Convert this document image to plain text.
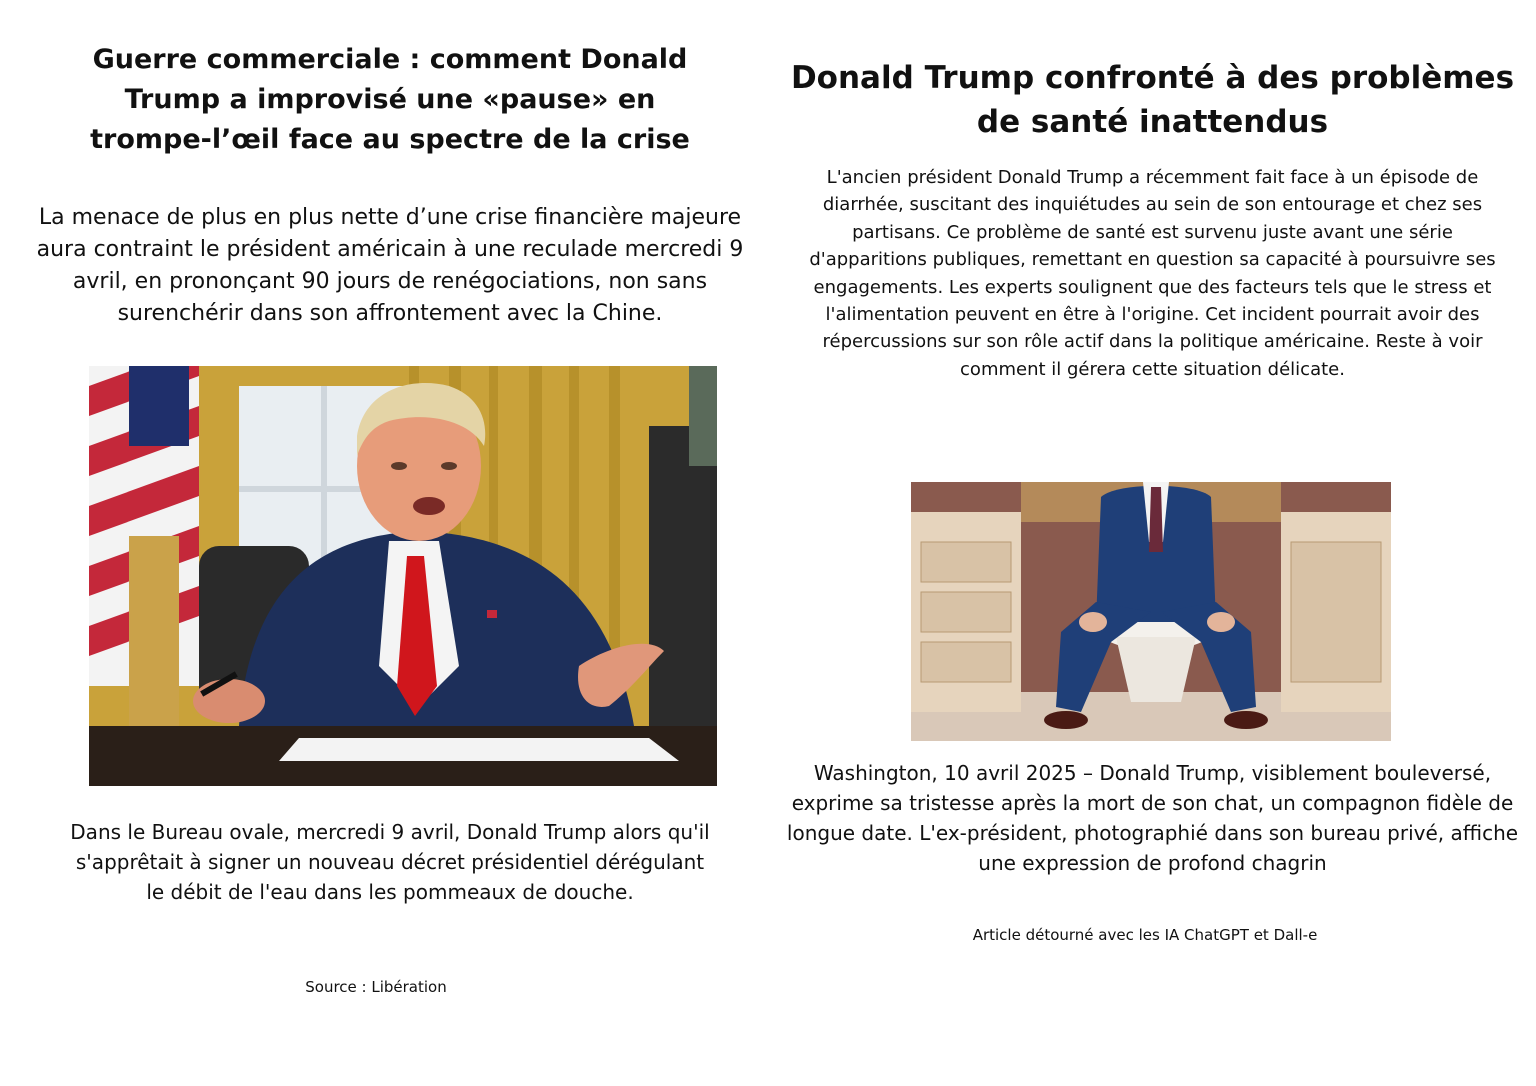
Guerre commerciale : comment Donald Trump a improvisé une «pause» en trompe-l’œil face au spectre de la crise

La menace de plus en plus nette d’une crise financière majeure aura contraint le président américain à une reculade mercredi 9 avril, en prononçant 90 jours de renégociations, non sans surenchérir dans son affrontement avec la Chine.

Dans le Bureau ovale, mercredi 9 avril, Donald Trump alors qu'il s'apprêtait à signer un nouveau décret présidentiel dérégulant le débit de l'eau dans les pommeaux de douche.

Source : Libération

Donald Trump confronté à des problèmes de santé inattendus

L'ancien président Donald Trump a récemment fait face à un épisode de diarrhée, suscitant des inquiétudes au sein de son entourage et chez ses partisans. Ce problème de santé est survenu juste avant une série d'apparitions publiques, remettant en question sa capacité à poursuivre ses engagements. Les experts soulignent que des facteurs tels que le stress et l'alimentation peuvent en être à l'origine. Cet incident pourrait avoir des répercussions sur son rôle actif dans la politique américaine. Reste à voir comment il gérera cette situation délicate.

Washington, 10 avril 2025 – Donald Trump, visiblement bouleversé, exprime sa tristesse après la mort de son chat, un compagnon fidèle de longue date. L'ex-président, photographié dans son bureau privé, affiche une expression de profond chagrin

Article détourné avec les IA ChatGPT et Dall-e
